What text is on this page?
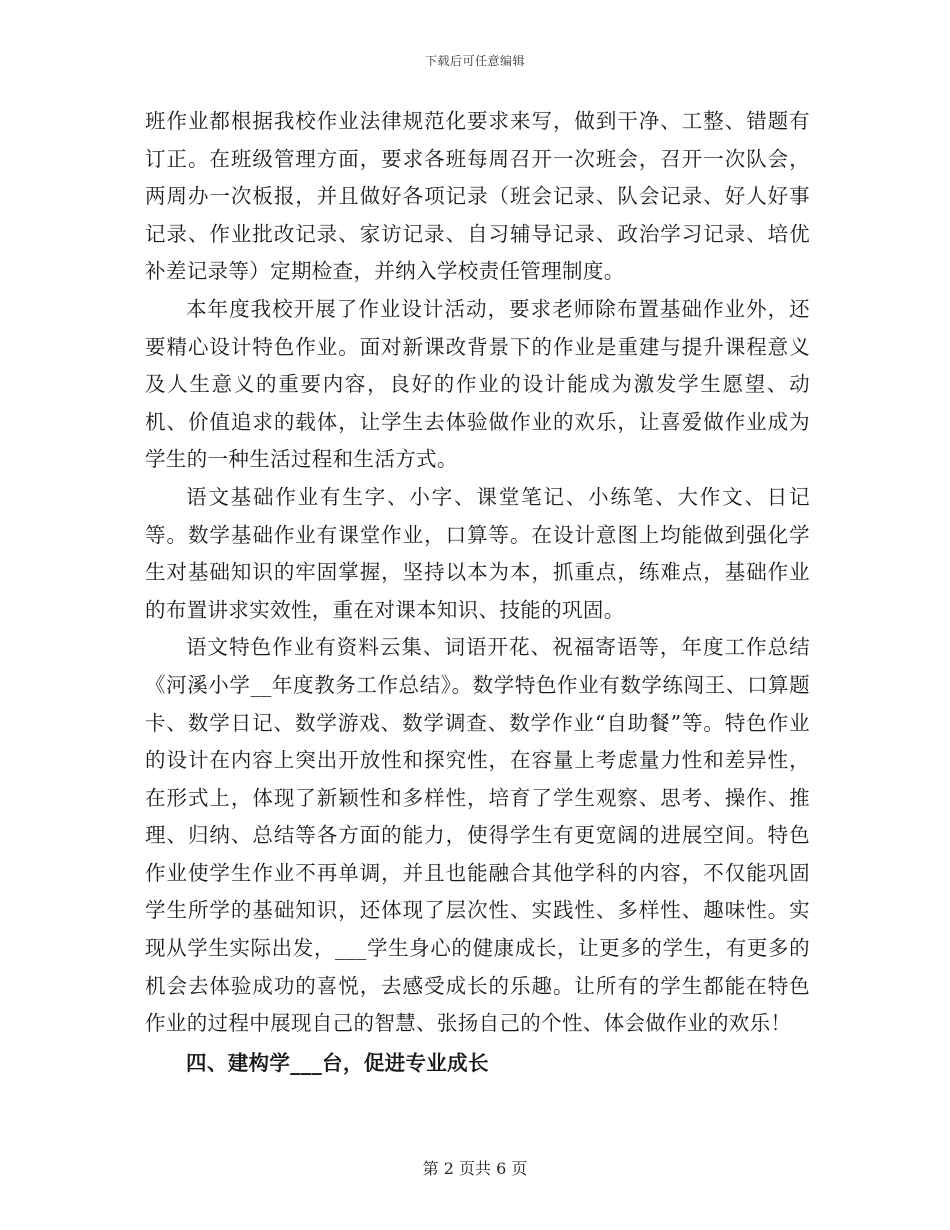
下载后可任意编辑

班作业都根据我校作业法律规范化要求来写，做到干净、工整、错题有订正。在班级管理方面，要求各班每周召开一次班会，召开一次队会，两周办一次板报，并且做好各项记录（班会记录、队会记录、好人好事记录、作业批改记录、家访记录、自习辅导记录、政治学习记录、培优补差记录等）定期检查，并纳入学校责任管理制度。

本年度我校开展了作业设计活动，要求老师除布置基础作业外，还要精心设计特色作业。面对新课改背景下的作业是重建与提升课程意义及人生意义的重要内容，良好的作业的设计能成为激发学生愿望、动机、价值追求的载体，让学生去体验做作业的欢乐，让喜爱做作业成为学生的一种生活过程和生活方式。

语文基础作业有生字、小字、课堂笔记、小练笔、大作文、日记等。数学基础作业有课堂作业，口算等。在设计意图上均能做到强化学生对基础知识的牢固掌握，坚持以本为本，抓重点，练难点，基础作业的布置讲求实效性，重在对课本知识、技能的巩固。

语文特色作业有资料云集、词语开花、祝福寄语等，年度工作总结《河溪小学__年度教务工作总结》。数学特色作业有数学练闯王、口算题卡、数学日记、数学游戏、数学调查、数学作业“自助餐”等。特色作业的设计在内容上突出开放性和探究性，在容量上考虑量力性和差异性，在形式上，体现了新颖性和多样性，培育了学生观察、思考、操作、推理、归纳、总结等各方面的能力，使得学生有更宽阔的进展空间。特色作业使学生作业不再单调，并且也能融合其他学科的内容，不仅能巩固学生所学的基础知识，还体现了层次性、实践性、多样性、趣味性。实现从学生实际出发，___学生身心的健康成长，让更多的学生，有更多的机会去体验成功的喜悦，去感受成长的乐趣。让所有的学生都能在特色作业的过程中展现自己的智慧、张扬自己的个性、体会做作业的欢乐！

四、建构学___台，促进专业成长

第 2 页共 6 页
